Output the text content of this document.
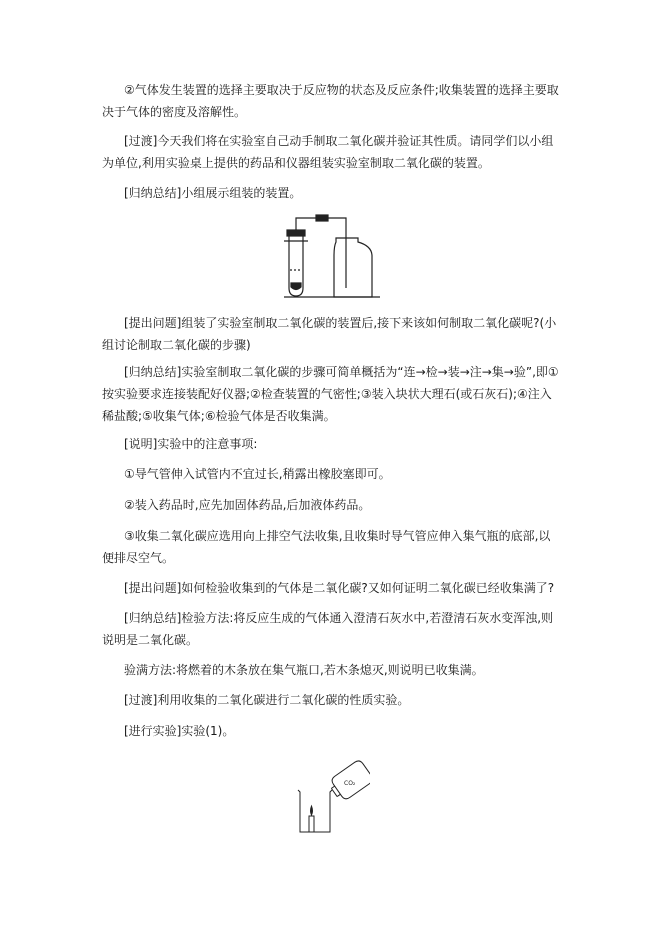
②气体发生装置的选择主要取决于反应物的状态及反应条件;收集装置的选择主要取决于气体的密度及溶解性。

[过渡]今天我们将在实验室自己动手制取二氧化碳并验证其性质。请同学们以小组为单位,利用实验桌上提供的药品和仪器组装实验室制取二氧化碳的装置。

[归纳总结]小组展示组装的装置。

[提出问题]组装了实验室制取二氧化碳的装置后,接下来该如何制取二氧化碳呢?(小组讨论制取二氧化碳的步骤)

[归纳总结]实验室制取二氧化碳的步骤可简单概括为“连→检→装→注→集→验”,即①按实验要求连接装配好仪器;②检查装置的气密性;③装入块状大理石(或石灰石);④注入稀盐酸;⑤收集气体;⑥检验气体是否收集满。

[说明]实验中的注意事项:

①导气管伸入试管内不宜过长,稍露出橡胶塞即可。

②装入药品时,应先加固体药品,后加液体药品。

③收集二氧化碳应选用向上排空气法收集,且收集时导气管应伸入集气瓶的底部,以便排尽空气。

[提出问题]如何检验收集到的气体是二氧化碳?又如何证明二氧化碳已经收集满了?

[归纳总结]检验方法:将反应生成的气体通入澄清石灰水中,若澄清石灰水变浑浊,则说明是二氧化碳。

验满方法:将燃着的木条放在集气瓶口,若木条熄灭,则说明已收集满。

[过渡]利用收集的二氧化碳进行二氧化碳的性质实验。

[进行实验]实验(1)。

CO₂
